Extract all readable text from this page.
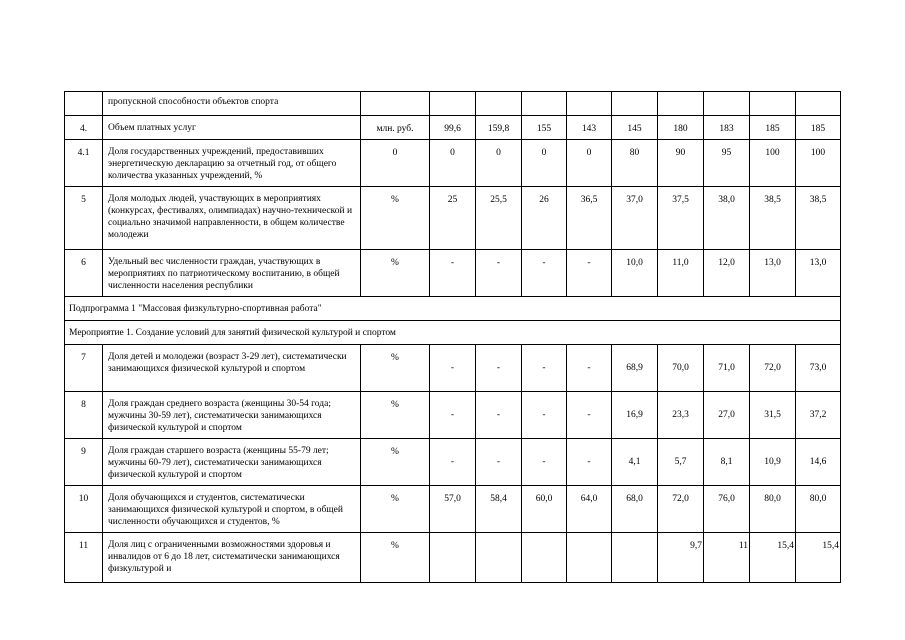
	пропускной способности объектов спорта										
4.	Объем платных услуг	млн. руб.	99,6	159,8	155	143	145	180	183	185	185
4.1	Доля государственных учреждений, предоставивших энергетическую декларацию за отчетный год, от общего количества указанных учреждений, %	0	0	0	0	0	80	90	95	100	100
5	Доля молодых людей, участвующих в мероприятиях (конкурсах, фестивалях, олимпиадах) научно-технической и социально значимой направленности, в общем количестве молодежи	%	25	25,5	26	36,5	37,0	37,5	38,0	38,5	38,5
6	Удельный вес численности граждан, участвующих в мероприятиях по патриотическому воспитанию, в общей численности населения республики	%	-	-	-	-	10,0	11,0	12,0	13,0	13,0
Подпрограмма 1 "Массовая физкультурно-спортивная работа"											
Мероприятие 1. Создание условий для занятий физической культурой и спортом											
7	Доля детей и молодежи (возраст 3-29 лет), систематически занимающихся физической культурой и спортом	%	-	-	-	-	68,9	70,0	71,0	72,0	73,0
8	Доля граждан среднего возраста (женщины 30-54 года; мужчины 30-59 лет), систематически занимающихся физической культурой и спортом	%	-	-	-	-	16,9	23,3	27,0	31,5	37,2
9	Доля граждан старшего возраста (женщины 55-79 лет; мужчины 60-79 лет), систематически занимающихся физической культурой и спортом	%	-	-	-	-	4,1	5,7	8,1	10,9	14,6
10	Доля обучающихся и студентов, систематически занимающихся физической культурой и спортом, в общей численности обучающихся и студентов, %	%	57,0	58,4	60,0	64,0	68,0	72,0	76,0	80,0	80,0
11	Доля лиц с ограниченными возможностями здоровья и инвалидов от 6 до 18 лет, систематически занимающихся физкультурой и	%						9,7	11	15,4	15,4
